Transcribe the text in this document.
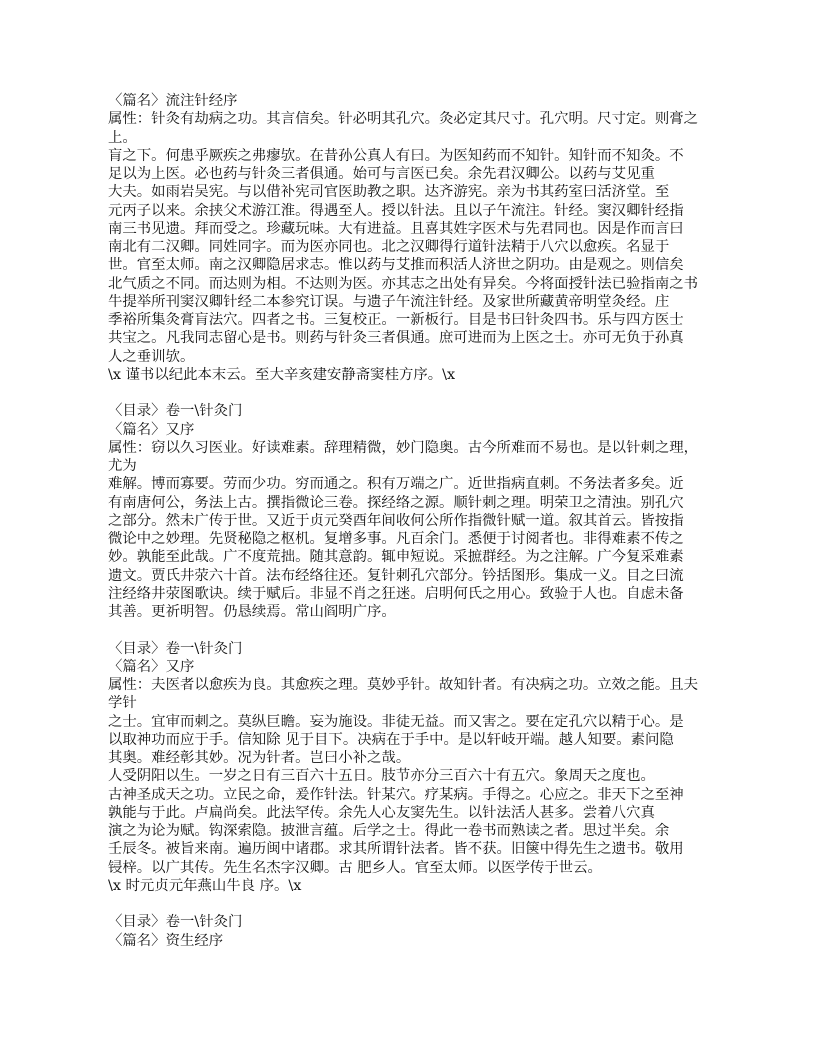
〈篇名〉流注针经序
属性：针灸有劫病之功。其言信矣。针必明其孔穴。灸必定其尺寸。孔穴明。尺寸定。则膏之
上。
肓之下。何患乎厥疾之弗瘳欤。在昔孙公真人有曰。为医知药而不知针。知针而不知灸。不
足以为上医。必也药与针灸三者俱通。始可与言医已矣。余先君汉卿公。以药与艾见重
大夫。如雨岩吴宪。与以借补宪司官医助教之职。达齐游宪。亲为书其药室曰活济堂。至
元丙子以来。余挟父术游江淮。得遇至人。授以针法。且以子午流注。针经。窦汉卿针经指
南三书见遗。拜而受之。珍藏玩味。大有进益。且喜其姓字医术与先君同也。因是作而言曰
南北有二汉卿。同姓同字。而为医亦同也。北之汉卿得行道针法精于八穴以愈疾。名显于
世。官至太师。南之汉卿隐居求志。惟以药与艾推而积活人济世之阴功。由是观之。则信矣
北气质之不同。而达则为相。不达则为医。亦其志之出处有异矣。今将面授针法已验指南之书
牛提举所刊窦汉卿针经二本参究订误。与遗子午流注针经。及家世所藏黄帝明堂灸经。庄
季裕所集灸膏肓法穴。四者之书。三复校正。一新板行。目是书曰针灸四书。乐与四方医士
共宝之。凡我同志留心是书。则药与针灸三者俱通。庶可进而为上医之士。亦可无负于孙真
人之垂训欤。
\x 谨书以纪此本末云。至大辛亥建安静斋窦桂方序。\x
〈目录〉卷一\针灸门
〈篇名〉又序
属性：窃以久习医业。好读难素。辞理精微，妙门隐奥。古今所难而不易也。是以针刺之理，
尤为
难解。博而寡要。劳而少功。穷而通之。积有万端之广。近世指病直刺。不务法者多矣。近
有南唐何公，务法上古。撰指微论三卷。探经络之源。顺针刺之理。明荣卫之清浊。别孔穴
之部分。然未广传于世。又近于贞元癸酉年间收何公所作指微针赋一道。叙其首云。皆按指
微论中之妙理。先贤秘隐之枢机。复增多事。凡百余门。悉便于讨阅者也。非得难素不传之
妙。孰能至此哉。广不度荒拙。随其意韵。辄申短说。采摭群经。为之注解。广今复采难素
遗文。贾氏井荥六十首。法布经络往还。复针刺孔穴部分。钤括图形。集成一义。目之曰流
注经络井荥图歌诀。续于赋后。非显不肖之狂迷。启明何氏之用心。致验于人也。自虑未备
其善。更祈明智。仍恳续焉。常山阎明广序。
〈目录〉卷一\针灸门
〈篇名〉又序
属性：夫医者以愈疾为良。其愈疾之理。莫妙乎针。故知针者。有决病之功。立效之能。且夫
学针
之士。宜审而刺之。莫纵巨瞻。妄为施设。非徒无益。而又害之。要在定孔穴以精于心。是
以取神功而应于手。信知除 见于目下。决病在于手中。是以轩岐开端。越人知要。素问隐
其奥。难经彰其妙。况为针者。岂曰小补之哉。
人受阴阳以生。一岁之日有三百六十五日。肢节亦分三百六十有五穴。象周天之度也。
古神圣成天之功。立民之命，爰作针法。针某穴。疗某病。手得之。心应之。非天下之至神
孰能与于此。卢扁尚矣。此法罕传。余先人心友窦先生。以针法活人甚多。尝着八穴真
演之为论为赋。钩深索隐。披泄言蕴。后学之士。得此一卷书而熟读之者。思过半矣。余
壬辰冬。被旨来南。遍历闽中诸郡。求其所谓针法者。皆不获。旧箧中得先生之遗书。敬用
锓梓。以广其传。先生名杰字汉卿。古 肥乡人。官至太师。以医学传于世云。
\x 时元贞元年燕山牛良 序。\x
〈目录〉卷一\针灸门
〈篇名〉资生经序
